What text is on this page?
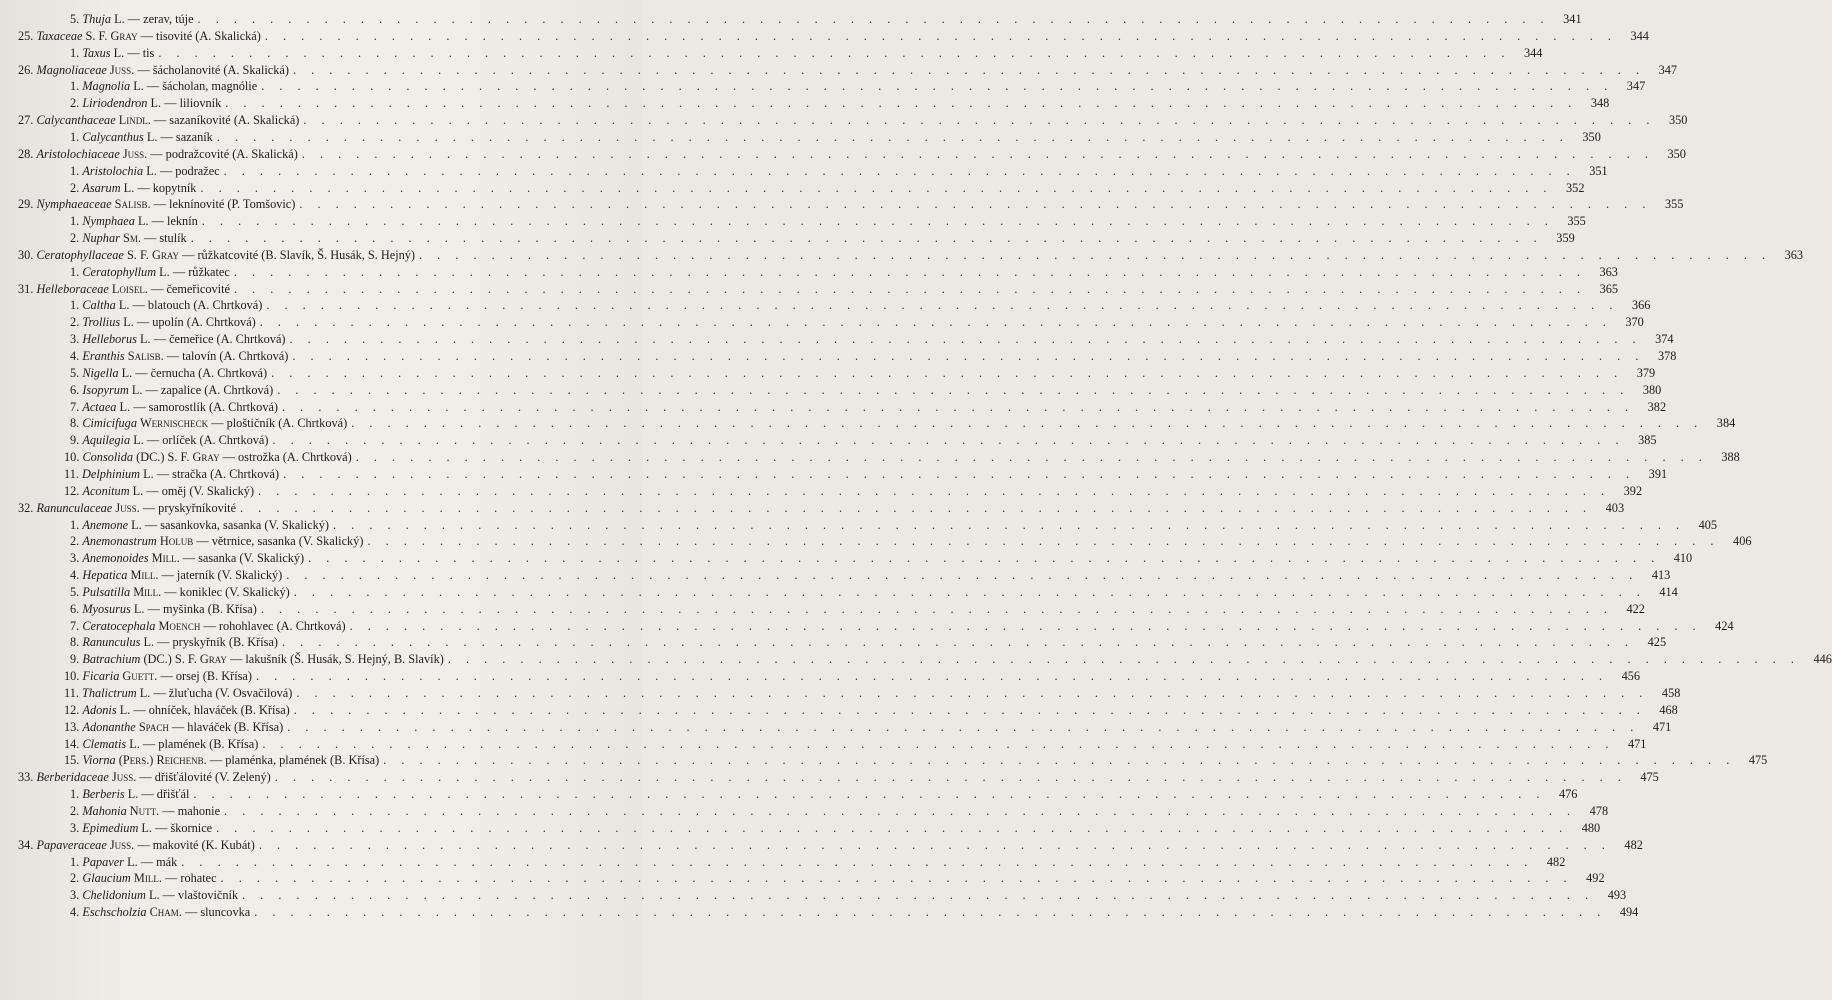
5. Thuja L. — zerav, túje . . .	341
25. Taxaceae S. F. Gray — tisovité (A. Skalická) . . .	344
1. Taxus L. — tis . . .	344
26. Magnoliaceae Juss. — šácholanovité (A. Skalická) . . .	347
1. Magnolia L. — šácholan, magnólie . . .	347
2. Liriodendron L. — liliovník . . .	348
27. Calycanthaceae Lindl. — sazaníkovité (A. Skalická) . . .	350
1. Calycanthus L. — sazaník . . .	350
28. Aristolochiaceae Juss. — podražcovité (A. Skalická) . . .	350
1. Aristolochia L. — podražec . . .	351
2. Asarum L. — kopytník . . .	352
29. Nymphaeaceae Salisb. — leknínovité (P. Tomšovic) . . .	355
1. Nymphaea L. — leknín . . .	355
2. Nuphar Sm. — stulík . . .	359
30. Ceratophyllaceae S. F. Gray — růžkatcovité (B. Slavík, Š. Husák, S. Hejný) . . .	363
1. Ceratophyllum L. — růžkatec . . .	363
31. Helleboraceae Loisel. — čemeřicovité . . .	365
1. Caltha L. — blatouch (A. Chrtková) . . .	366
2. Trollius L. — upolín (A. Chrtková) . . .	370
3. Helleborus L. — čemeřice (A. Chrtková) . . .	374
4. Eranthis Salisb. — talovín (A. Chrtková) . . .	378
5. Nigella L. — černucha (A. Chrtková) . . .	379
6. Isopyrum L. — zapalice (A. Chrtková) . . .	380
7. Actaea L. — samorostlík (A. Chrtková) . . .	382
8. Cimicifuga Wernischeck — ploštičník (A. Chrtková) . . .	384
9. Aquilegia L. — orlíček (A. Chrtková) . . .	385
10. Consolida (DC.) S. F. Gray — ostrožka (A. Chrtková) . . .	388
11. Delphinium L. — stračka (A. Chrtková) . . .	391
12. Aconitum L. — oměj (V. Skalický) . . .	392
32. Ranunculaceae Juss. — pryskyřníkovité . . .	403
1. Anemone L. — sasankovka, sasanka (V. Skalický) . . .	405
2. Anemonastrum Holub — větrnice, sasanka (V. Skalický) . . .	406
3. Anemonoides Mill. — sasanka (V. Skalický) . . .	410
4. Hepatica Mill. — jaterník (V. Skalický) . . .	413
5. Pulsatilla Mill. — koniklec (V. Skalický) . . .	414
6. Myosurus L. — myšinka (B. Křísa) . . .	422
7. Ceratocephala Moench — rohohlavec (A. Chrtková) . . .	424
8. Ranunculus L. — pryskyřník (B. Křísa) . . .	425
9. Batrachium (DC.) S. F. Gray — lakušník (Š. Husák, S. Hejný, B. Slavík) . . .	446
10. Ficaria Guett. — orsej (B. Křísa) . . .	456
11. Thalictrum L. — žluťucha (V. Osvačilová) . . .	458
12. Adonis L. — ohníček, hlaváček (B. Křísa) . . .	468
13. Adonanthe Spach — hlaváček (B. Křísa) . . .	471
14. Clematis L. — plamének (B. Křísa) . . .	471
15. Viorna (Pers.) Reichenb. — plaménka, plamének (B. Křísa) . . .	475
33. Berberidaceae Juss. — dřišťálovité (V. Zelený) . . .	475
1. Berberis L. — dřišťál . . .	476
2. Mahonia Nutt. — mahonie . . .	478
3. Epimedium L. — škornice . . .	480
34. Papaveraceae Juss. — makovité (K. Kubát) . . .	482
1. Papaver L. — mák . . .	482
2. Glaucium Mill. — rohatec . . .	492
3. Chelidonium L. — vlaštovičník . . .	493
4. Eschscholzia Cham. — sluncovka . . .	494
